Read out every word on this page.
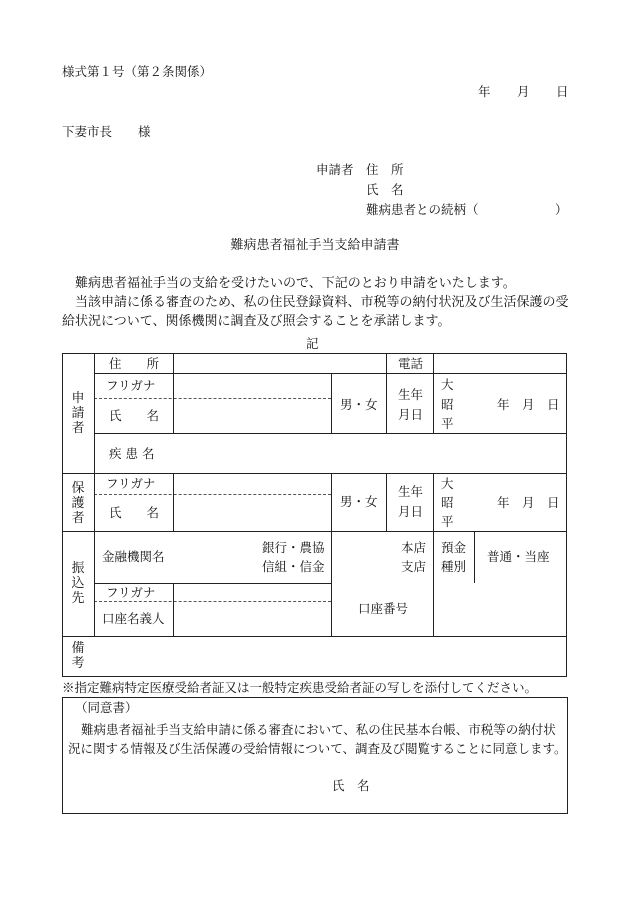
様式第１号（第２条関係）
年 月 日
下妻市長 様
申請者 住　所
氏　名
難病患者との続柄（	）
難病患者福祉手当支給申請書
難病患者福祉手当の支給を受けたいので、下記のとおり申請をいたします。
当該申請に係る審査のため、私の住民登録資料、市税等の納付状況及び生活保護の受給状況について、関係機関に調査及び照会することを承諾します。
記
申
請
者
保
護
者
振
込
先
備
考
住　　所	電話
フリガナ
氏　　名
男・女
生年
月日
大
昭
平
年　月　日
疾 患 名
フリガナ
氏　　名
男・女
生年
月日
大
昭
平
年　月　日
金融機関名
銀行・農協
信組・信金
本店
支店
預金
種別
普通・当座
フリガナ
口座名義人
口座番号
※指定難病特定医療受給者証又は一般特定疾患受給者証の写しを添付してください。
（同意書）
難病患者福祉手当支給申請に係る審査において、私の住民基本台帳、市税等の納付状況に関する情報及び生活保護の受給情報について、調査及び閲覧することに同意します。
氏　名
